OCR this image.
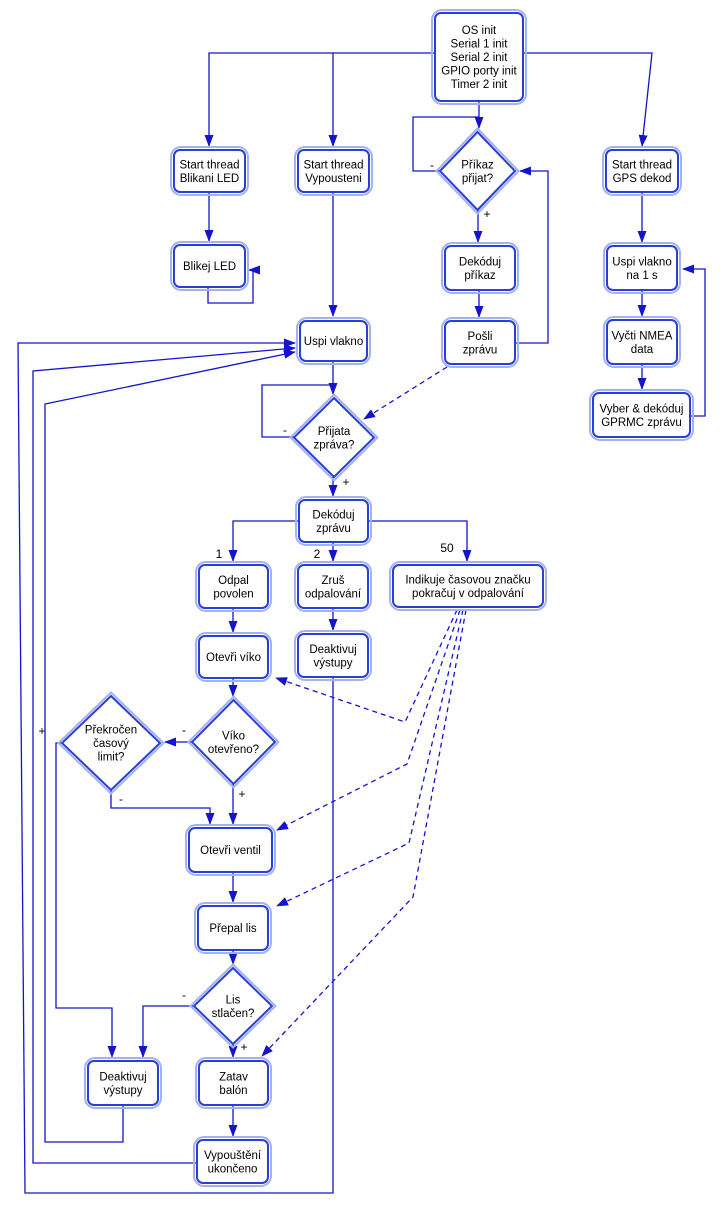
-
+
-
+
1	2	50
-
+
+
-
-
+
OS init Serial 1 init Serial 2 init GPIO porty init Timer 2 init
Start thread Blikani LED
Start thread Vypousteni
Start thread GPS dekod
Příkaz přijat?
Blikej LED	Dekóduj příkaz
Pošli zprávu
Uspi vlakno
Uspi vlakno na 1 s
Vyčti NMEA data
Vyber & dekóduj GPRMC zprávu
Přijata zpráva?
Dekóduj zprávu
Odpal povolen
Zruš odpalování
Indikuje časovou značku pokračuj v odpalování
Otevři víko
Deaktivuj výstupy
Překročen časový limit?
Víko otevřeno?
Otevři ventil
Přepal lis
Lis stlačen?
Deaktivuj výstupy
Zatav balón
Vypouštění ukončeno
